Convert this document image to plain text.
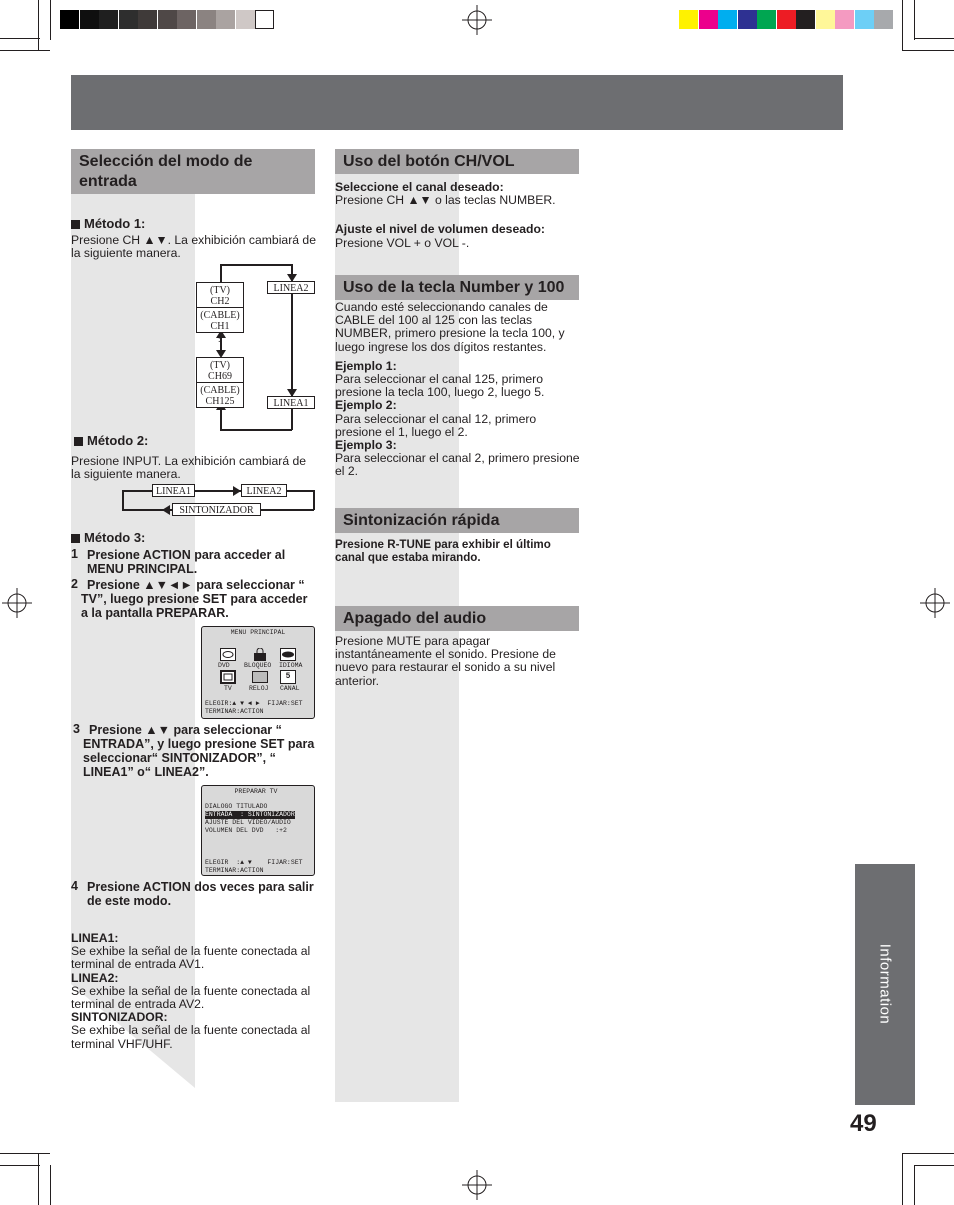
Selección del modo de entrada
Método 1:
Presione CH ▲▼. La exhibición cambiará de la siguiente manera.
:
(TV)
CH2
(CABLE)
CH1
(TV)
CH69
(CABLE)
CH125
LINEA2
LINEA1
Método 2:
Presione INPUT. La exhibición cambiará de la siguiente manera.
LINEA1	LINEA2
SINTONIZADOR
Método 3:
1 Presione ACTION para acceder al MENU PRINCIPAL.
2 Presione ▲▼◄► para seleccionar “ TV”, luego presione SET para acceder a la pantalla PREPARAR.
MENU PRINCIPAL
DVD BLOQUEO IDIOMA
5
TV	RELOJ CANAL
ELEGIR:▲ ▼ ◄ ►  FIJAR:SET
TERMINAR:ACTION
3 Presione ▲▼ para seleccionar “ ENTRADA”, y luego presione SET para seleccionar“ SINTONIZADOR”, “ LINEA1” o“ LINEA2”.
PREPARAR TV
DIALOGO TITULADO
ENTRADA  : SINTONIZADOR
AJUSTE DEL VIDEO/AUDIO
VOLUMEN DEL DVD   :+2
ELEGIR  :▲ ▼    FIJAR:SET
TERMINAR:ACTION
4 Presione ACTION dos veces para salir de este modo.
LINEA1:
Se exhibe la señal de la fuente conectada al terminal de entrada AV1.
LINEA2:
Se exhibe la señal de la fuente conectada al terminal de entrada AV2.
SINTONIZADOR:
Se exhibe la señal de la fuente conectada al terminal VHF/UHF.
Uso del botón CH/VOL
Seleccione el canal deseado:
Presione CH ▲▼ o las teclas NUMBER.
Ajuste el nivel de volumen deseado:
Presione VOL + o VOL -.
Uso de la tecla Number y 100
Cuando esté seleccionando canales de CABLE del 100 al 125 con las teclas NUMBER, primero presione la tecla 100, y luego ingrese los dos dígitos restantes.
Ejemplo 1:
Para seleccionar el canal 125, primero presione la tecla 100, luego 2, luego 5.
Ejemplo 2:
Para seleccionar el canal 12, primero presione el 1, luego el 2.
Ejemplo 3:
Para seleccionar el canal 2, primero presione el 2.
Sintonización rápida
Presione R-TUNE para exhibir el último canal que estaba mirando.
Apagado del audio
Presione MUTE para apagar instantáneamente el sonido. Presione de nuevo para restaurar el sonido a su nivel anterior.
Information
49
